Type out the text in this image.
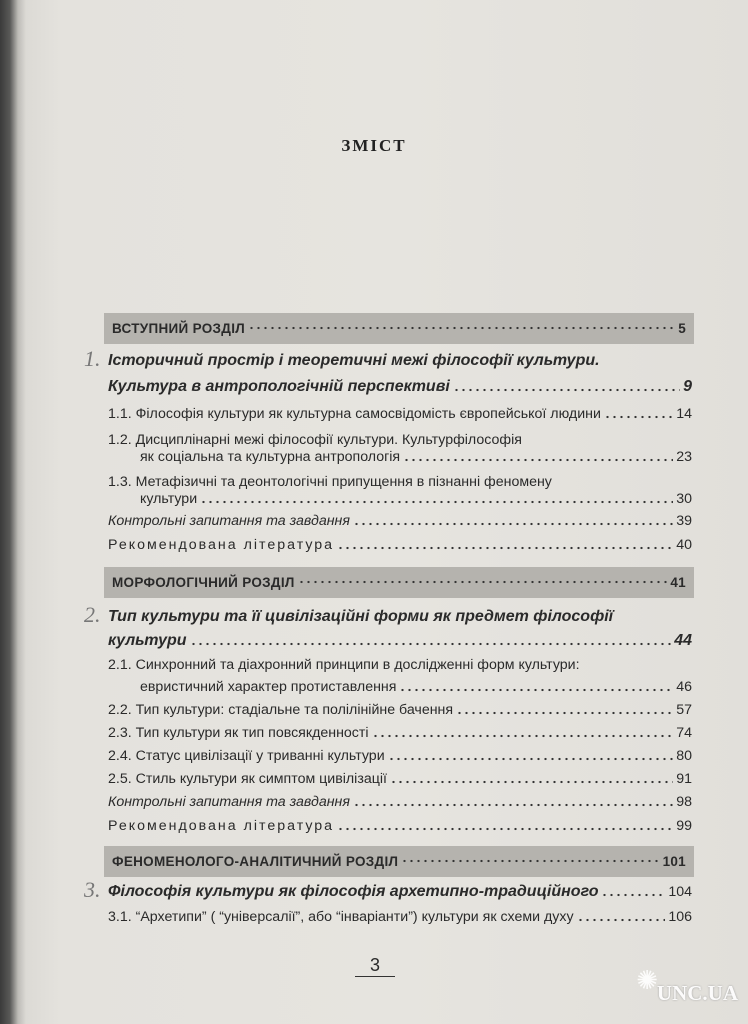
ЗМІСТ
ВСТУПНИЙ РОЗДІЛ	5
1. Історичний простір і теоретичні межі філософії культури.
Культура в антропологічній перспективі	9
1.1. Філософія культури як культурна самосвідомість європейської людини	14
1.2. Дисциплінарні межі філософії культури. Культурфілософія
як соціальна та культурна антропологія	23
1.3. Метафізичні та деонтологічні припущення в пізнанні феномену
культури	30
Контрольні запитання та завдання	39
Рекомендована література	40
МОРФОЛОГІЧНИЙ РОЗДІЛ	41
2. Тип культури та її цивілізаційні форми як предмет філософії
культури	44
2.1. Синхронний та діахронний принципи в дослідженні форм культури:
евристичний характер протиставлення	46
2.2. Тип культури: стадіальне та полілінійне бачення	57
2.3. Тип культури як тип повсякденності	74
2.4. Статус цивілізації у триванні культури	80
2.5. Стиль культури як симптом цивілізації	91
Контрольні запитання та завдання	98
Рекомендована література	99
ФЕНОМЕНОЛОГО-АНАЛІТИЧНИЙ РОЗДІЛ	101
3. Філософія культури як філософія архетипно-традиційного	104
3.1. “Архетипи” ( “універсалії”, або “інваріанти”) культури як схеми духу	106
3	✺
UNC.UA
